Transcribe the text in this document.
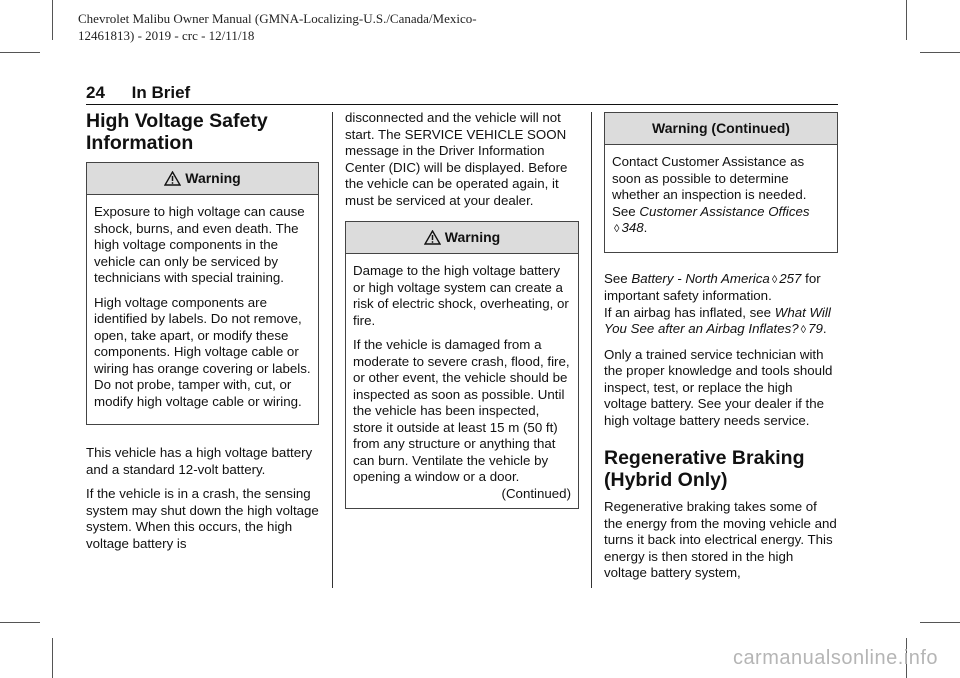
Chevrolet Malibu Owner Manual (GMNA-Localizing-U.S./Canada/Mexico-
12461813) - 2019 - crc - 12/11/18
24 In Brief
High Voltage Safety Information
Warning

Exposure to high voltage can cause shock, burns, and even death. The high voltage components in the vehicle can only be serviced by technicians with special training.

High voltage components are identified by labels. Do not remove, open, take apart, or modify these components. High voltage cable or wiring has orange covering or labels. Do not probe, tamper with, cut, or modify high voltage cable or wiring.

This vehicle has a high voltage battery and a standard 12-volt battery.

If the vehicle is in a crash, the sensing system may shut down the high voltage system. When this occurs, the high voltage battery is

disconnected and the vehicle will not start. The SERVICE VEHICLE SOON message in the Driver Information Center (DIC) will be displayed. Before the vehicle can be operated again, it must be serviced at your dealer.

Warning

Damage to the high voltage battery or high voltage system can create a risk of electric shock, overheating, or fire.

If the vehicle is damaged from a moderate to severe crash, flood, fire, or other event, the vehicle should be inspected as soon as possible. Until the vehicle has been inspected, store it outside at least 15 m (50 ft) from any structure or anything that can burn. Ventilate the vehicle by opening a window or a door.

(Continued)
Warning (Continued)

Contact Customer Assistance as soon as possible to determine whether an inspection is needed. See Customer Assistance Offices ◊ 348.

See Battery - North America ◊ 257 for important safety information.

If an airbag has inflated, see What Will You See after an Airbag Inflates? ◊ 79.

Only a trained service technician with the proper knowledge and tools should inspect, test, or replace the high voltage battery. See your dealer if the high voltage battery needs service.

Regenerative Braking (Hybrid Only)

Regenerative braking takes some of the energy from the moving vehicle and turns it back into electrical energy. This energy is then stored in the high voltage battery system,

carmanualsonline.info
